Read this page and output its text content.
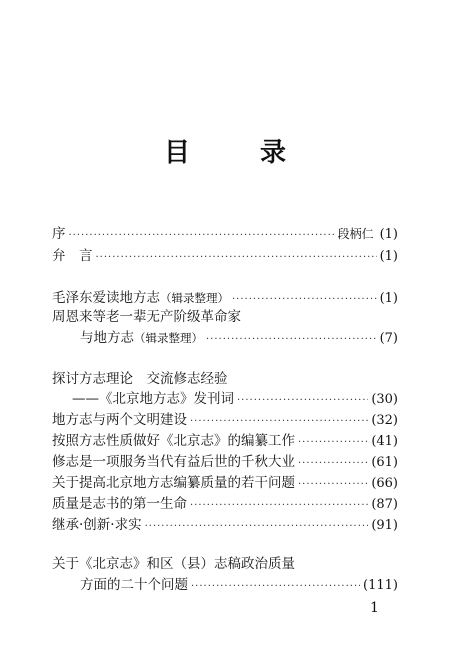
目　录
序 ·····	段柄仁 (1)
弁　言 ·····	(1)
毛泽东爱读地方志 （辑录整理） ·····	(1)
周恩来等老一辈无产阶级革命家
与地方志 （辑录整理） ·····	(7)
探讨方志理论　交流修志经验
——《北京地方志》发刊词 ·····	(30)
地方志与两个文明建设 ·····	(32)
按照方志性质做好《北京志》的编纂工作 ·····	(41)
修志是一项服务当代有益后世的千秋大业 ·····	(61)
关于提高北京地方志编纂质量的若干问题 ·····	(66)
质量是志书的第一生命 ·····	(87)
继承·创新·求实 ·····	(91)
关于《北京志》和区（县）志稿政治质量
方面的二十个问题 ·····	(111)
1
